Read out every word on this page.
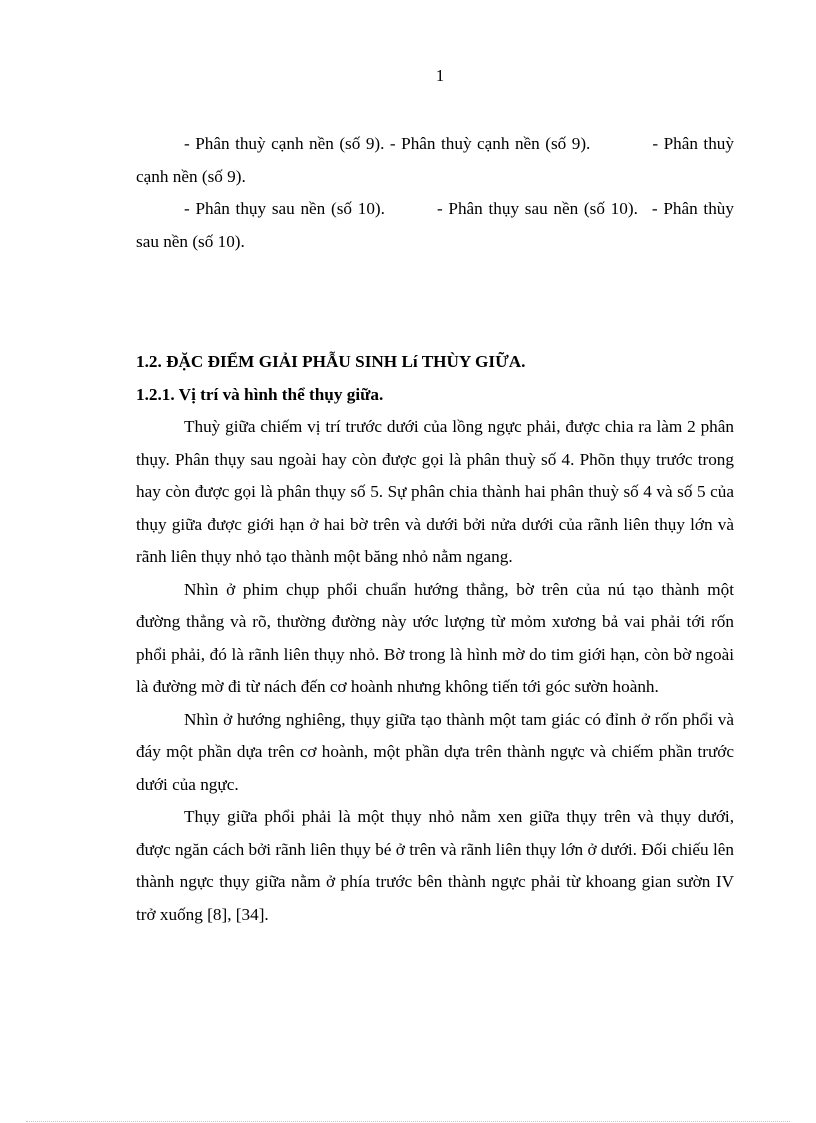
1

- Phân thuỳ cạnh nền (số 9). - Phân thuỳ cạnh nền (số 9).	- Phân thuỳ cạnh nền (số 9).

- Phân thụy sau nền (số 10).	- Phân thụy sau nền (số 10). - Phân thùy sau nền (số 10).

1.2. ĐẶC ĐIỂM GIẢI PHẪU SINH Lí THÙY GIỮA.

1.2.1. Vị trí và hình thể thụy giữa.

Thuỳ giữa chiếm vị trí trước dưới của lồng ngực phải, được chia ra làm 2 phân thụy. Phân thụy sau ngoài hay còn được gọi là phân thuỳ số 4. Phõn thụy trước trong hay còn được gọi là phân thụy số 5. Sự phân chia thành hai phân thuỳ số 4 và số 5 của thụy giữa được giới hạn ở hai bờ trên và dưới bởi nửa dưới của rãnh liên thụy lớn và rãnh liên thụy nhỏ tạo thành một băng nhỏ nằm ngang.

Nhìn ở phim chụp phổi chuẩn hướng thẳng, bờ trên của nú tạo thành một đường thẳng và rõ, thường đường này ước lượng từ mỏm xương bả vai phải tới rốn phổi phải, đó là rãnh liên thụy nhỏ. Bờ trong là hình mờ do tim giới hạn, còn bờ ngoài là đường mờ đi từ nách đến cơ hoành nhưng không tiến tới góc sườn hoành.

Nhìn ở hướng nghiêng, thụy giữa tạo thành một tam giác có đỉnh ở rốn phổi và đáy một phần dựa trên cơ hoành, một phần dựa trên thành ngực và chiếm phần trước dưới của ngực.

Thụy giữa phổi phải là một thụy nhỏ nằm xen giữa thụy trên và thụy dưới, được ngăn cách bởi rãnh liên thụy bé ở trên và rãnh liên thụy lớn ở dưới. Đối chiếu lên thành ngực thụy giữa nằm ở phía trước bên thành ngực phải từ khoang gian sườn IV trở xuống [8], [34].
